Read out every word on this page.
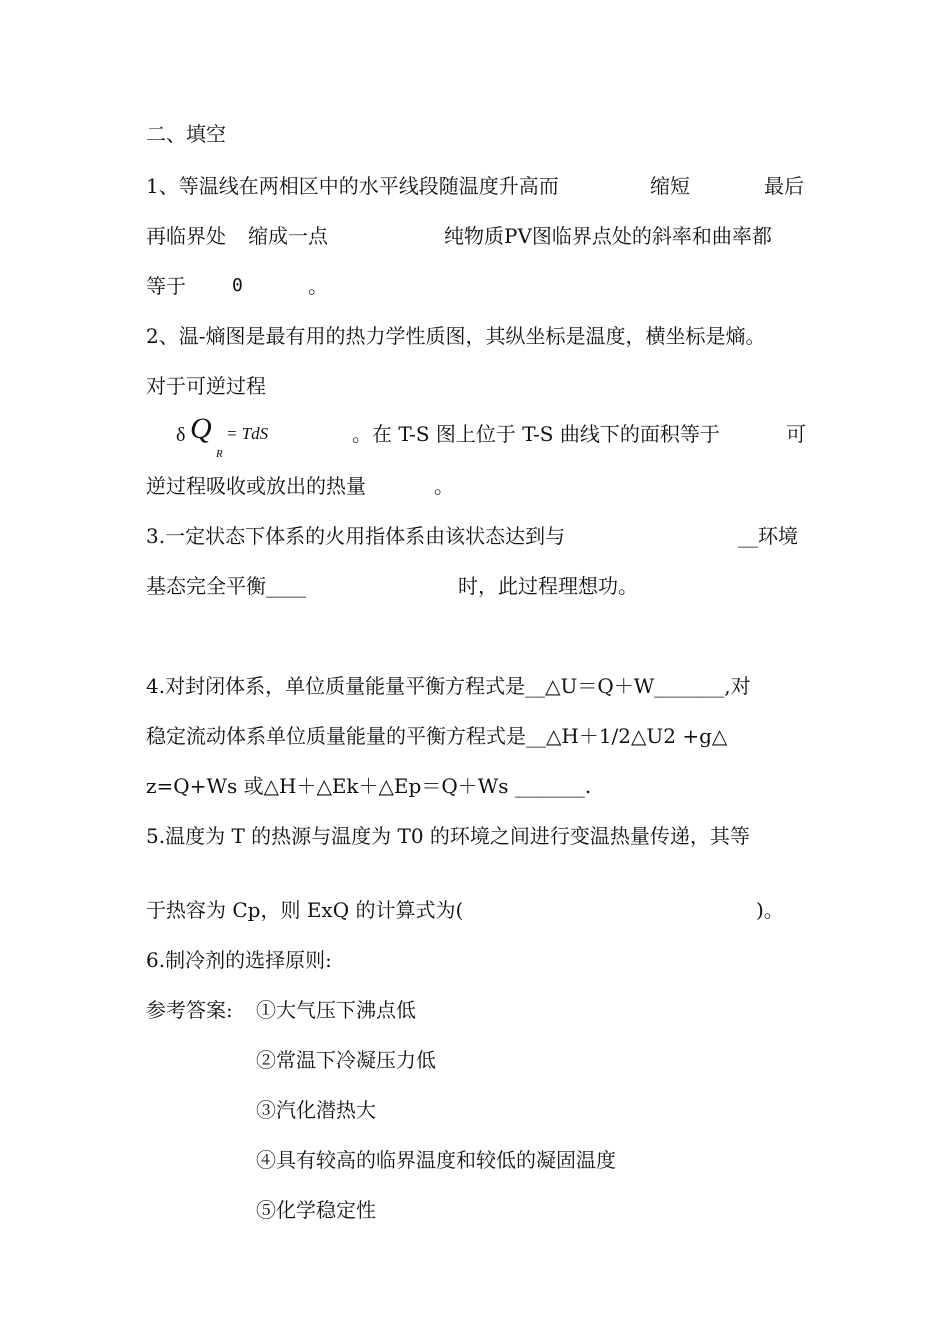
二、填空

1、等温线在两相区中的水平线段随温度升高而

	缩短

	最后

再临界处

缩成一点

	纯物质PV图临界点处的斜率和曲率都

等于

	0

	。

2、温-熵图是最有用的热力学性质图，其纵坐标是温度，横坐标是熵。
对于可逆过程
δ Q
R
= TdS

	。在 T-S 图上位于 T-S 曲线下的面积等于

	可

逆过程吸收或放出的热量

	。

3.一定状态下体系的火用指体系由该状态达到与

	__环境

基态完全平衡____

	时，此过程理想功。

4.对封闭体系，单位质量能量平衡方程式是__△U＝Q＋W_______,对
稳定流动体系单位质量能量的平衡方程式是__△H＋1/2△U2 +g△
z=Q+Ws 或△H＋△Ek＋△Ep＝Q＋Ws _______.
5.温度为 T 的热源与温度为 T0 的环境之间进行变温热量传递，其等

于热容为 Cp，则 ExQ 的计算式为(

	)。

6.制冷剂的选择原则:

参考答案:

①大气压下沸点低

②常温下冷凝压力低
③汽化潜热大
④具有较高的临界温度和较低的凝固温度
⑤化学稳定性
